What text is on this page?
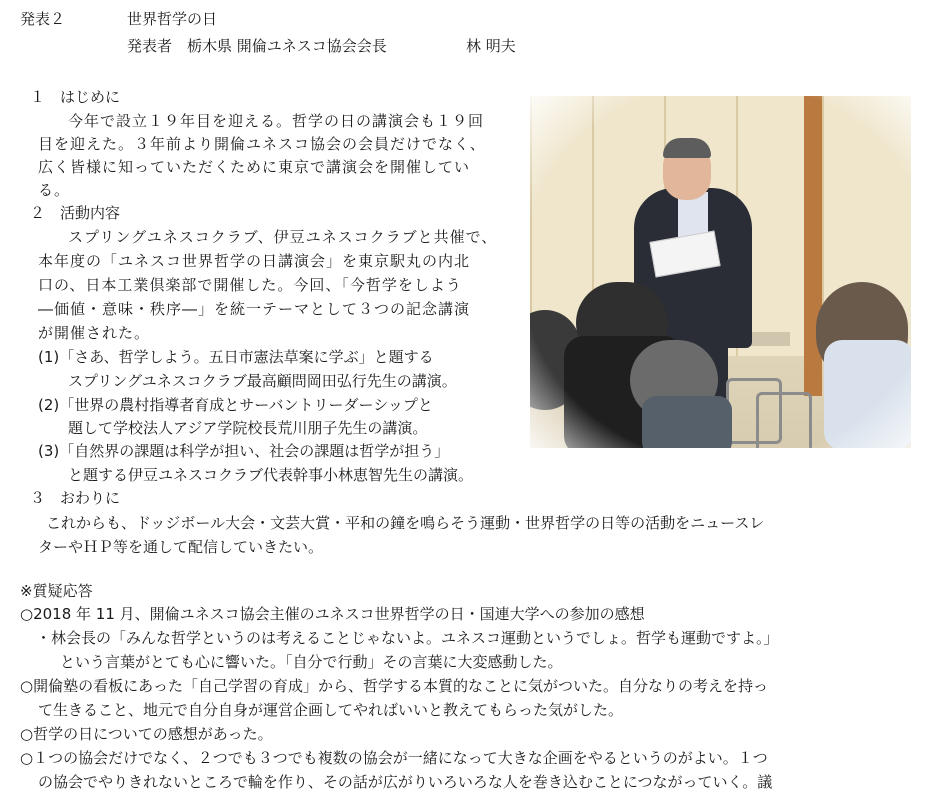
発表２	世界哲学の日
発表者　栃木県 開倫ユネスコ協会会長	林 明夫
１　はじめに
今年で設立１９年目を迎える。哲学の日の講演会も１９回
目を迎えた。３年前より開倫ユネスコ協会の会員だけでなく、
広く皆様に知っていただくために東京で講演会を開催してい
る。
２　活動内容
スプリングユネスコクラブ、伊豆ユネスコクラブと共催で、
本年度の「ユネスコ世界哲学の日講演会」を東京駅丸の内北
口の、日本工業倶楽部で開催した。今回、「今哲学をしよう
―価値・意味・秩序―」を統一テーマとして３つの記念講演
が開催された。
(1)「さあ、哲学しよう。五日市憲法草案に学ぶ」と題する
スプリングユネスコクラブ最高顧問岡田弘行先生の講演。
(2)「世界の農村指導者育成とサーバントリーダーシップと
題して学校法人アジア学院校長荒川朋子先生の講演。
(3)「自然界の課題は科学が担い、社会の課題は哲学が担う」
と題する伊豆ユネスコクラブ代表幹事小林恵智先生の講演。
３　おわりに
これからも、ドッジボール大会・文芸大賞・平和の鐘を鳴らそう運動・世界哲学の日等の活動をニュースレ
ターやＨＰ等を通して配信していきたい。
※質疑応答
○2018 年 11 月、開倫ユネスコ協会主催のユネスコ世界哲学の日・国連大学への参加の感想
・林会長の「みんな哲学というのは考えることじゃないよ。ユネスコ運動というでしょ。哲学も運動ですよ。」
という言葉がとても心に響いた。「自分で行動」その言葉に大変感動した。
○開倫塾の看板にあった「自己学習の育成」から、哲学する本質的なことに気がついた。自分なりの考えを持っ
て生きること、地元で自分自身が運営企画してやればいいと教えてもらった気がした。
○哲学の日についての感想があった。
○１つの協会だけでなく、２つでも３つでも複数の協会が一緒になって大きな企画をやるというのがよい。１つ
の協会でやりきれないところで輪を作り、その話が広がりいろいろな人を巻き込むことにつながっていく。議
